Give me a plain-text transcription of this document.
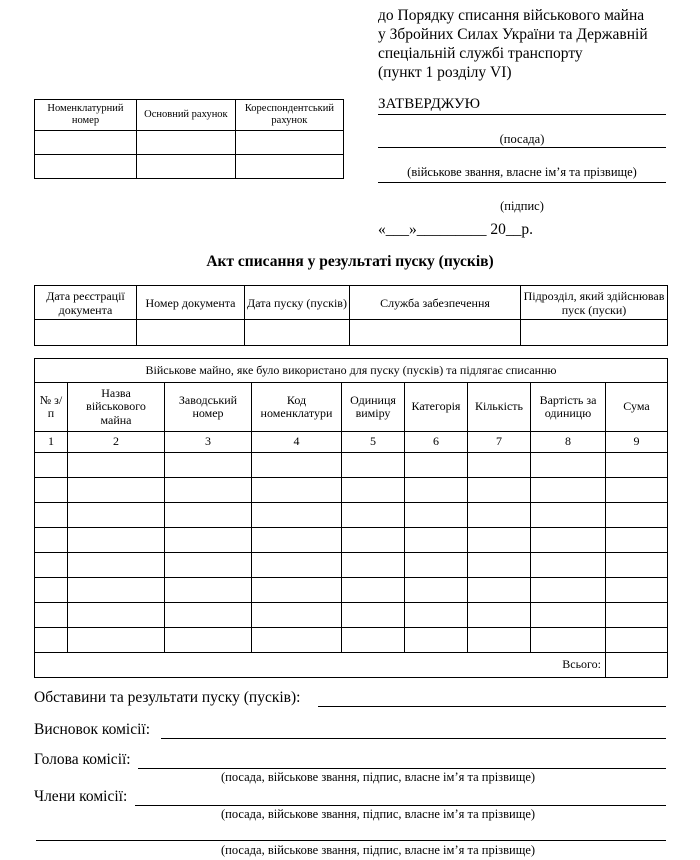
до Порядку списання військового майна
у Збройних Силах України та Державній
спеціальній службі транспорту
(пункт 1 розділу VI)
Номенклатурний номер	Основний рахунок	Кореспондентський рахунок

ЗАТВЕРДЖУЮ
(посада)
(військове звання, власне ім’я та прізвище)
(підпис)
«___»_________ 20__р.
Акт списання у результаті пуску (пусків)
Дата реєстрації документа	Номер документа	Дата пуску (пусків)	Служба забезпечення	Підрозділ, який здійснював пуск (пуски)

Військове майно, яке було використано для пуску (пусків) та підлягає списанню								
№ з/п	Назва військового майна	Заводський номер	Код номенклатури	Одиниця виміру	Категорія	Кількість	Вартість за одиницю	Сума
1	2	3	4	5	6	7	8	9

Всього:								
Обставини та результати пуску (пусків):
Висновок комісії:
Голова комісії:
(посада, військове звання, підпис, власне ім’я та прізвище)
Члени комісії:
(посада, військове звання, підпис, власне ім’я та прізвище)
(посада, військове звання, підпис, власне ім’я та прізвище)
